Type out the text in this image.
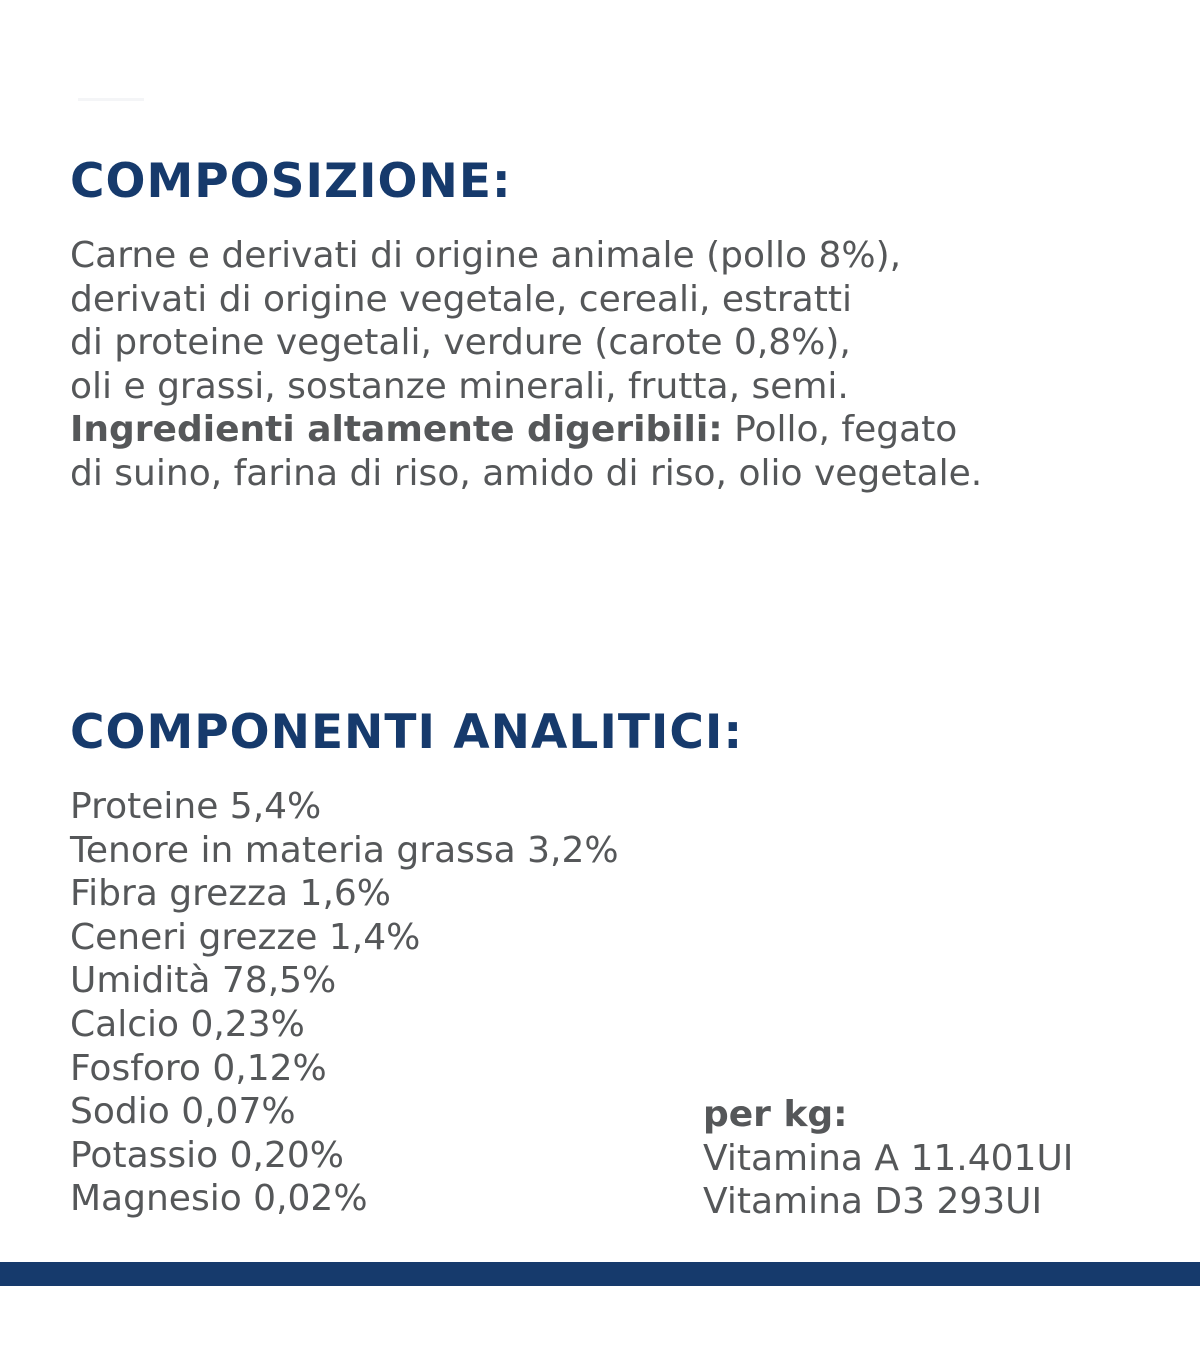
COMPOSIZIONE:
Carne e derivati di origine animale (pollo 8%),
derivati di origine vegetale, cereali, estratti
di proteine vegetali, verdure (carote 0,8%),
oli e grassi, sostanze minerali, frutta, semi.
Ingredienti altamente digeribili: Pollo, fegato
di suino, farina di riso, amido di riso, olio vegetale.
COMPONENTI ANALITICI:
Proteine 5,4%
Tenore in materia grassa 3,2%
Fibra grezza 1,6%
Ceneri grezze 1,4%
Umidità 78,5%
Calcio 0,23%
Fosforo 0,12%
Sodio 0,07%
Potassio 0,20%
Magnesio 0,02%
per kg:
Vitamina A 11.401UI
Vitamina D3 293UI
